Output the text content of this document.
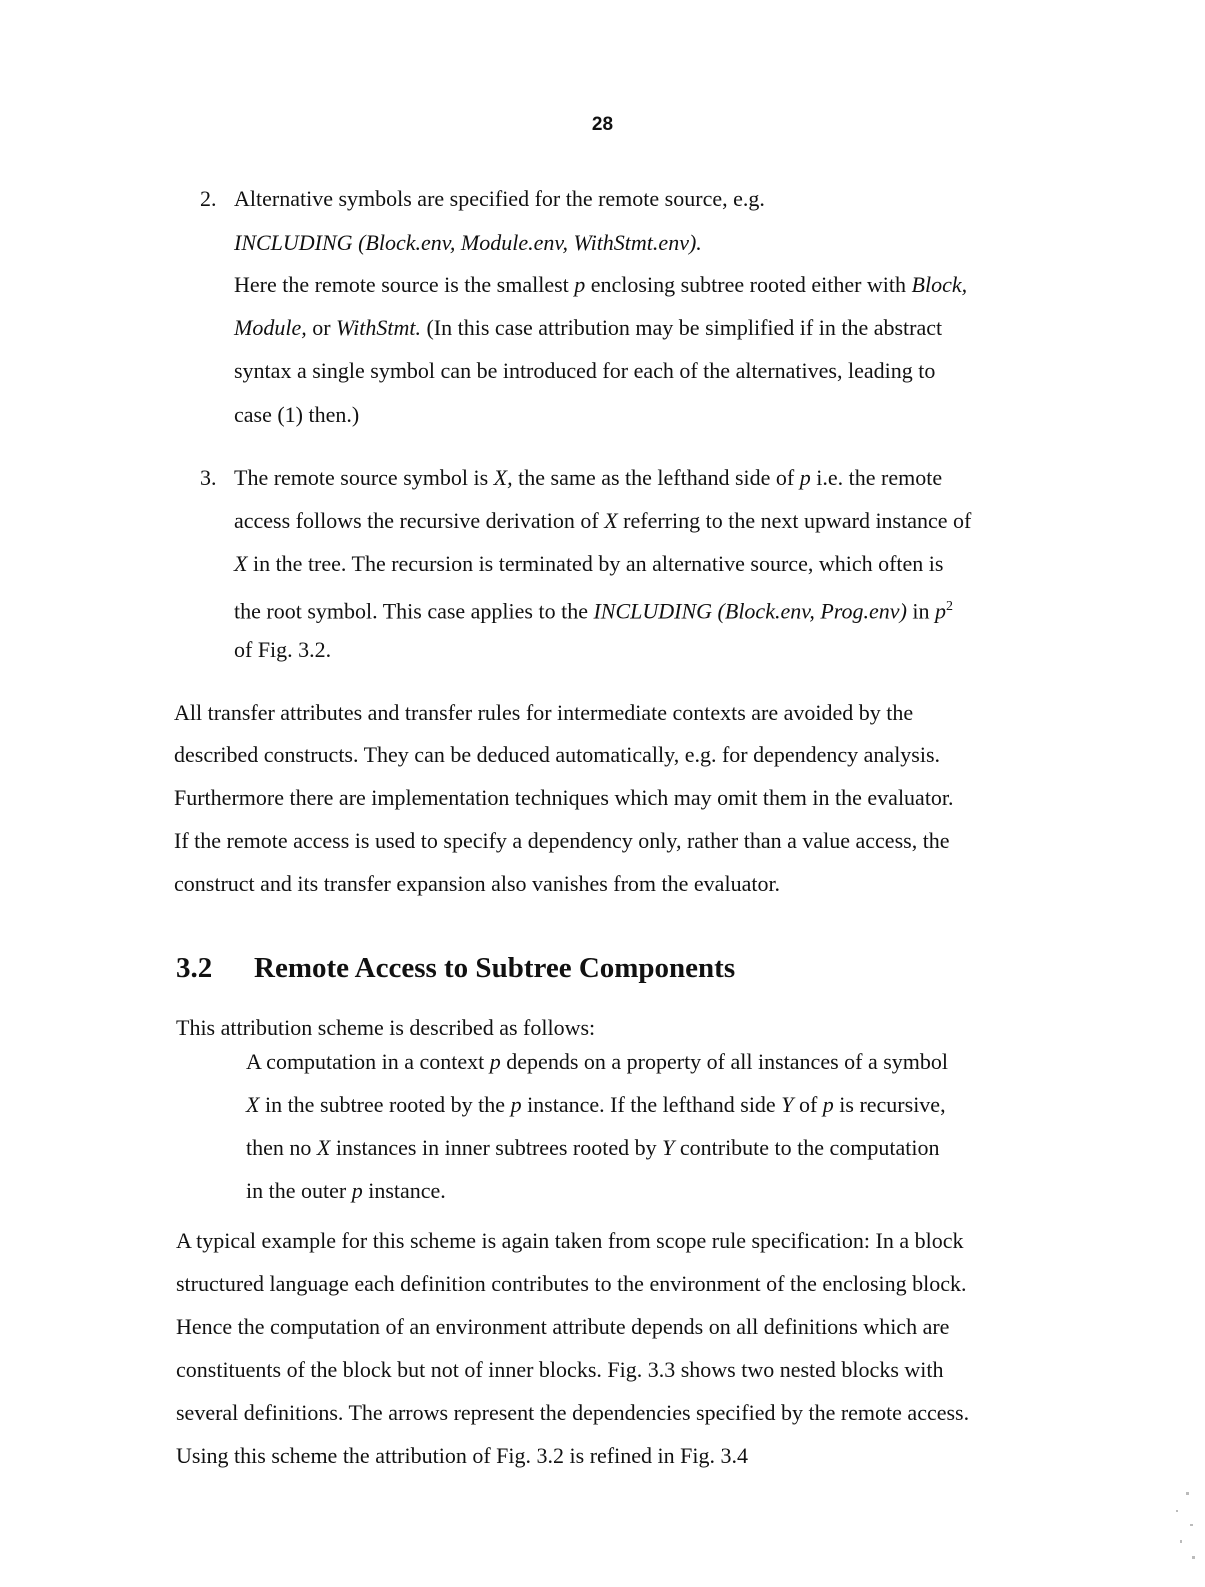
28
2. Alternative symbols are specified for the remote source, e.g.
INCLUDING (Block.env, Module.env, WithStmt.env).
Here the remote source is the smallest p enclosing subtree rooted either with Block,
Module, or WithStmt. (In this case attribution may be simplified if in the abstract
syntax a single symbol can be introduced for each of the alternatives, leading to
case (1) then.)
3. The remote source symbol is X, the same as the lefthand side of p i.e. the remote
access follows the recursive derivation of X referring to the next upward instance of
X in the tree. The recursion is terminated by an alternative source, which often is
the root symbol. This case applies to the INCLUDING (Block.env, Prog.env) in $p^2$
of Fig. 3.2.
All transfer attributes and transfer rules for intermediate contexts are avoided by the
described constructs. They can be deduced automatically, e.g. for dependency analysis.
Furthermore there are implementation techniques which may omit them in the evaluator.
If the remote access is used to specify a dependency only, rather than a value access, the
construct and its transfer expansion also vanishes from the evaluator.
3.2 Remote Access to Subtree Components
This attribution scheme is described as follows:
A computation in a context p depends on a property of all instances of a symbol
X in the subtree rooted by the p instance. If the lefthand side Y of p is recursive,
then no X instances in inner subtrees rooted by Y contribute to the computation
in the outer p instance.
A typical example for this scheme is again taken from scope rule specification: In a block
structured language each definition contributes to the environment of the enclosing block.
Hence the computation of an environment attribute depends on all definitions which are
constituents of the block but not of inner blocks. Fig. 3.3 shows two nested blocks with
several definitions. The arrows represent the dependencies specified by the remote access.
Using this scheme the attribution of Fig. 3.2 is refined in Fig. 3.4
